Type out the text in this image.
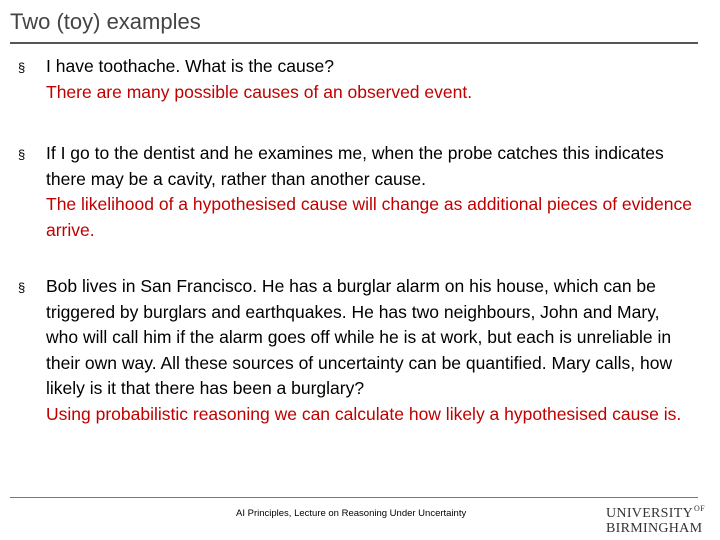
Two (toy) examples
§ I have toothache. What is the cause?
There are many possible causes of an observed event.
§ If I go to the dentist and he examines me, when the probe catches this indicates there may be a cavity, rather than another cause.
The likelihood of a hypothesised cause will change as additional pieces of evidence arrive.
§ Bob lives in San Francisco. He has a burglar alarm on his house, which can be triggered by burglars and earthquakes. He has two neighbours, John and Mary, who will call him if the alarm goes off while he is at work, but each is unreliable in their own way. All these sources of uncertainty can be quantified. Mary calls, how likely is it that there has been a burglary?
Using probabilistic reasoning we can calculate how likely a hypothesised cause is.
AI Principles, Lecture on Reasoning Under Uncertainty	$UNIVERSITY^{OF}$
BIRMINGHAM
